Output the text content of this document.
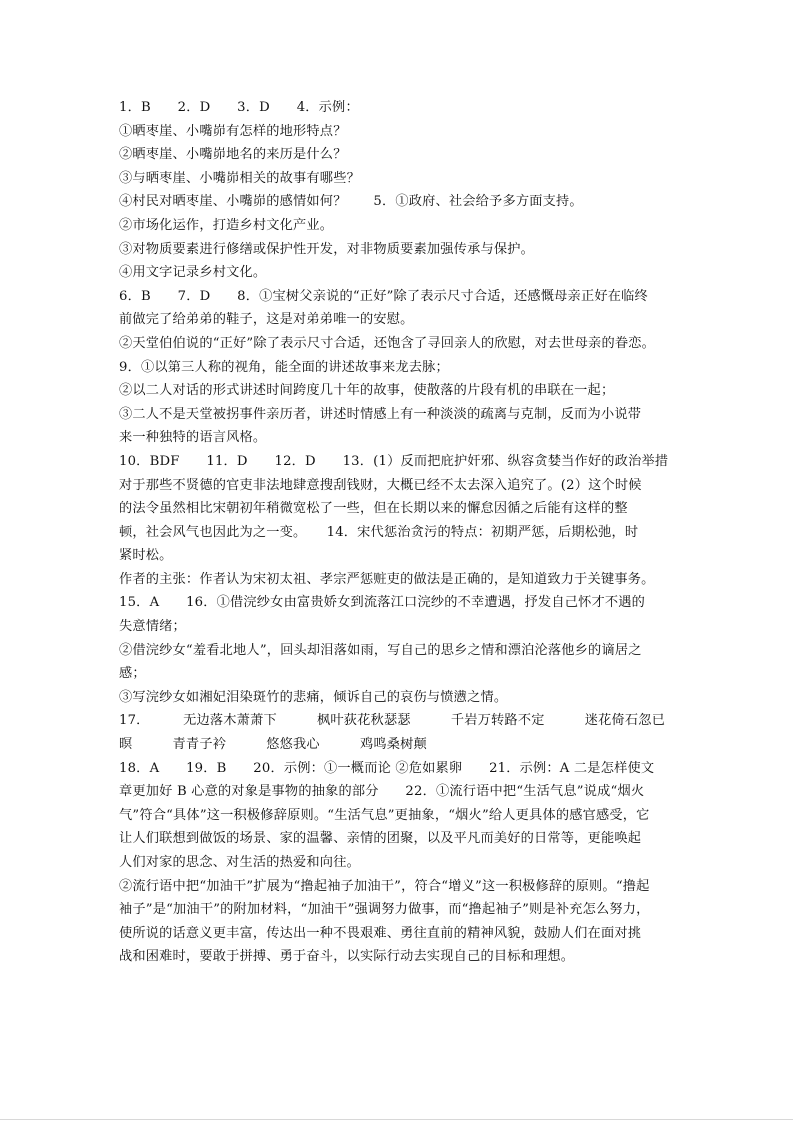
1．B　　2．D　　3．D　　4．示例：
①晒枣崖、小嘴峁有怎样的地形特点？
②晒枣崖、小嘴峁地名的来历是什么？
③与晒枣崖、小嘴峁相关的故事有哪些？
④村民对晒枣崖、小嘴峁的感情如何？　　5．①政府、社会给予多方面支持。
②市场化运作，打造乡村文化产业。
③对物质要素进行修缮或保护性开发，对非物质要素加强传承与保护。
④用文字记录乡村文化。
6．B　　7．D　　8．①宝树父亲说的“正好”除了表示尺寸合适，还感慨母亲正好在临终
前做完了给弟弟的鞋子，这是对弟弟唯一的安慰。
②天堂伯伯说的“正好”除了表示尺寸合适，还饱含了寻回亲人的欣慰，对去世母亲的眷恋。
9．①以第三人称的视角，能全面的讲述故事来龙去脉；
②以二人对话的形式讲述时间跨度几十年的故事，使散落的片段有机的串联在一起；
③二人不是天堂被拐事件亲历者，讲述时情感上有一种淡淡的疏离与克制，反而为小说带
来一种独特的语言风格。
10．BDF　　11．D　　12．D　　13．(1）反而把庇护奸邪、纵容贪婪当作好的政治举措
对于那些不贤德的官吏非法地肆意搜刮钱财，大概已经不太去深入追究了。(2）这个时候
的法令虽然相比宋朝初年稍微宽松了一些，但在长期以来的懈怠因循之后能有这样的整
顿，社会风气也因此为之一变。　　14．宋代惩治贪污的特点：初期严惩，后期松弛，时
紧时松。
作者的主张：作者认为宋初太祖、孝宗严惩赃吏的做法是正确的，是知道致力于关键事务。
15．A　　16．①借浣纱女由富贵娇女到流落江口浣纱的不幸遭遇，抒发自己怀才不遇的
失意情绪；
②借浣纱女“羞看北地人”，回头却泪落如雨，写自己的思乡之情和漂泊沦落他乡的谪居之
感；
③写浣纱女如湘妃泪染斑竹的悲痛，倾诉自己的哀伤与愤懑之情。
17．　　　无边落木萧萧下　　　枫叶荻花秋瑟瑟　　　千岩万转路不定　　　迷花倚石忽已
暝　　　青青子衿　　　悠悠我心　　　鸡鸣桑树颠
18．A　　19．B　　20．示例：①一概而论 ②危如累卵　　21．示例：A 二是怎样使文
章更加好 B 心意的对象是事物的抽象的部分　　22．①流行语中把“生活气息”说成“烟火
气”符合“具体”这一积极修辞原则。“生活气息”更抽象，“烟火”给人更具体的感官感受，它
让人们联想到做饭的场景、家的温馨、亲情的团聚，以及平凡而美好的日常等，更能唤起
人们对家的思念、对生活的热爱和向往。
②流行语中把“加油干”扩展为“撸起袖子加油干”，符合“增义”这一积极修辞的原则。“撸起
袖子”是“加油干”的附加材料，“加油干”强调努力做事，而“撸起袖子”则是补充怎么努力，
使所说的话意义更丰富，传达出一种不畏艰难、勇往直前的精神风貌，鼓励人们在面对挑
战和困难时，要敢于拼搏、勇于奋斗，以实际行动去实现自己的目标和理想。
